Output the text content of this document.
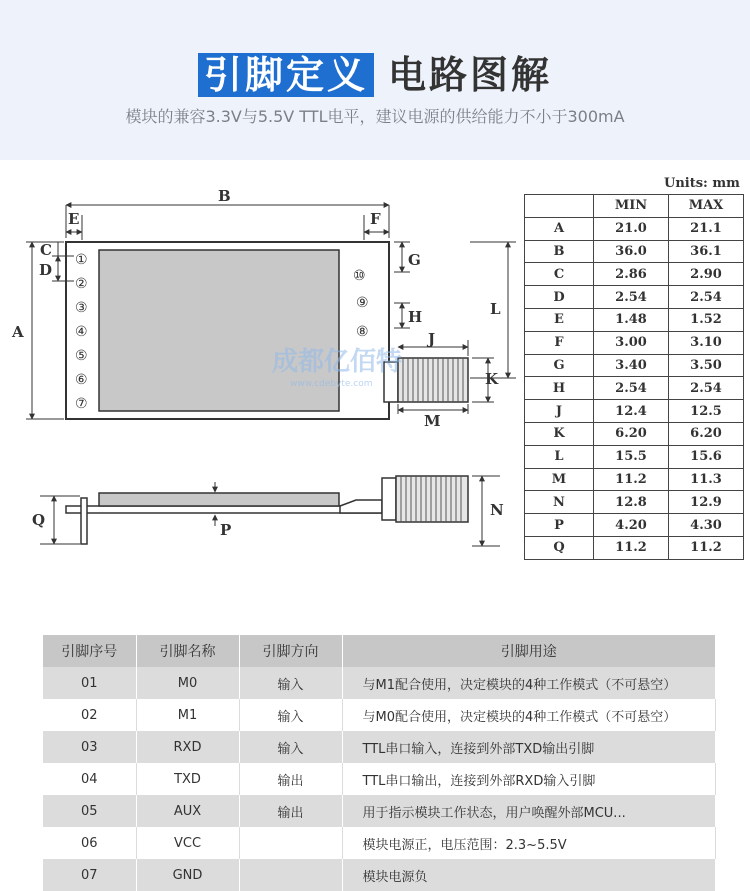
引脚定义 电路图解
模块的兼容3.3V与5.5V TTL电平，建议电源的供给能力不小于300mA
Units: mm
①
②
③
④
⑤
⑥
⑦
⑩
⑨
⑧
成都亿佰特
www.cdebyte.com
B
E	F
A
C
D
G
H
J
K
L
M
P
N
Q
	MIN	MAX
A	21.0	21.1
B	36.0	36.1
C	2.86	2.90
D	2.54	2.54
E	1.48	1.52
F	3.00	3.10
G	3.40	3.50
H	2.54	2.54
J	12.4	12.5
K	6.20	6.20
L	15.5	15.6
M	11.2	11.3
N	12.8	12.9
P	4.20	4.30
Q	11.2	11.2
引脚序号	引脚名称	引脚方向	引脚用途
01	M0	输入	与M1配合使用，决定模块的4种工作模式（不可悬空）
02	M1	输入	与M0配合使用，决定模块的4种工作模式（不可悬空）
03	RXD	输入	TTL串口输入，连接到外部TXD输出引脚
04	TXD	输出	TTL串口输出，连接到外部RXD输入引脚
05	AUX	输出	用于指示模块工作状态，用户唤醒外部MCU...
06	VCC		模块电源正，电压范围：2.3~5.5V
07	GND		模块电源负
